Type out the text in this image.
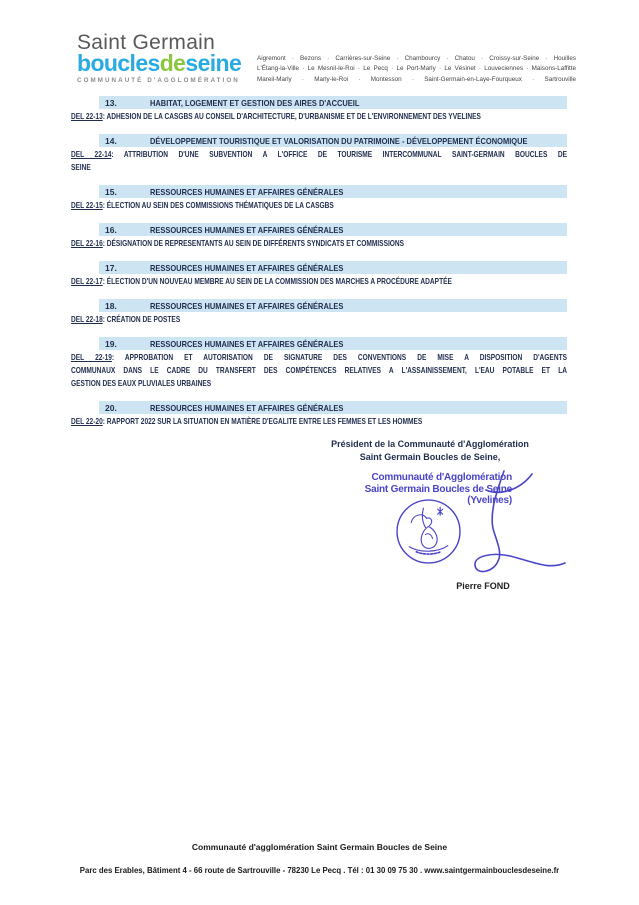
Saint Germain
bouclesdeseine
COMMUNAUTÉ D'AGGLOMÉRATION
Aigremont · Bezons · Carrières-sur-Seine · Chambourcy · Chatou · Croissy-sur-Seine · Houilles
L'Étang-la-Ville · Le Mesnil-le-Roi · Le Pecq · Le Port-Marly · Le Vésinet · Louveciennes · Maisons-Laffitte
Mareil-Marly · Marly-le-Roi · Montesson · Saint-Germain-en-Laye-Fourqueux · Sartrouville
13.	HABITAT, LOGEMENT ET GESTION DES AIRES D'ACCUEIL
DEL 22-13: ADHESION DE LA CASGBS AU CONSEIL D'ARCHITECTURE, D'URBANISME ET DE L'ENVIRONNEMENT DES YVELINES
14.	DÉVELOPPEMENT TOURISTIQUE ET VALORISATION DU PATRIMOINE - DÉVELOPPEMENT ÉCONOMIQUE
DEL 22-14: ATTRIBUTION D'UNE SUBVENTION A L'OFFICE DE TOURISME INTERCOMMUNAL SAINT-GERMAIN BOUCLES DE
SEINE
15.	RESSOURCES HUMAINES ET AFFAIRES GÉNÉRALES
DEL 22-15: ÉLECTION AU SEIN DES COMMISSIONS THÉMATIQUES DE LA CASGBS
16.	RESSOURCES HUMAINES ET AFFAIRES GÉNÉRALES
DEL 22-16: DÉSIGNATION DE REPRESENTANTS AU SEIN DE DIFFÉRENTS SYNDICATS ET COMMISSIONS
17.	RESSOURCES HUMAINES ET AFFAIRES GÉNÉRALES
DEL 22-17: ÉLECTION D'UN NOUVEAU MEMBRE AU SEIN DE LA COMMISSION DES MARCHES A PROCÉDURE ADAPTÉE
18.	RESSOURCES HUMAINES ET AFFAIRES GÉNÉRALES
DEL 22-18: CRÉATION DE POSTES
19.	RESSOURCES HUMAINES ET AFFAIRES GÉNÉRALES
DEL 22-19: APPROBATION ET AUTORISATION DE SIGNATURE DES CONVENTIONS DE MISE A DISPOSITION D'AGENTS
COMMUNAUX DANS LE CADRE DU TRANSFERT DES COMPÉTENCES RELATIVES A L'ASSAINISSEMENT, L'EAU POTABLE ET LA
GESTION DES EAUX PLUVIALES URBAINES
20.	RESSOURCES HUMAINES ET AFFAIRES GÉNÉRALES
DEL 22-20: RAPPORT 2022 SUR LA SITUATION EN MATIÈRE D'EGALITE ENTRE LES FEMMES ET LES HOMMES
Président de la Communauté d'Agglomération
Saint Germain Boucles de Seine,
Communauté d'Agglomération
Saint Germain Boucles de Seine
(Yvelines)
Pierre FOND
Communauté d'agglomération Saint Germain Boucles de Seine
Parc des Erables, Bâtiment 4 - 66 route de Sartrouville - 78230 Le Pecq . Tél : 01 30 09 75 30 . www.saintgermainbouclesdeseine.fr
